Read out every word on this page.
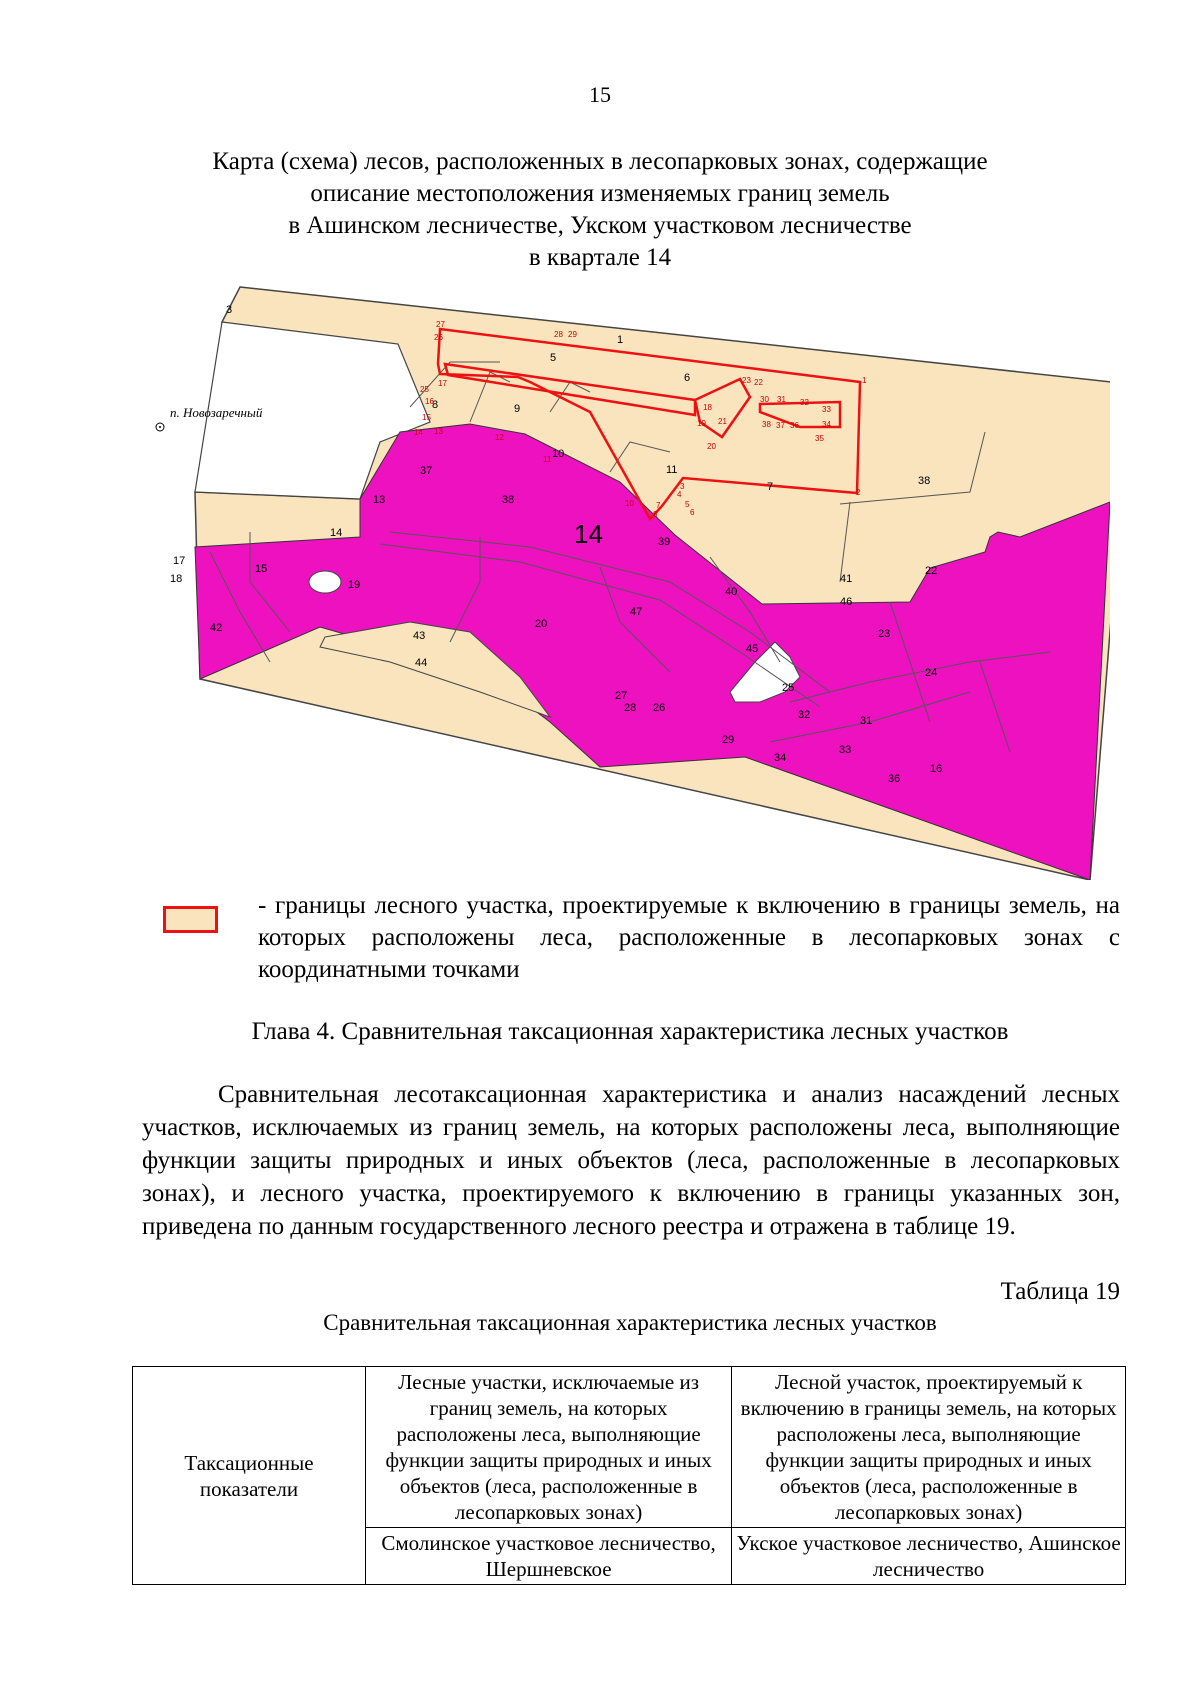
15
Карта (схема) лесов, расположенных в лесопарковых зонах, содержащие
описание местоположения изменяемых границ земель
в Ашинском лесничестве, Укском участковом лесничестве
в квартале 14
3
1
5
6
8	9
10
11
7	38
37
38
13
14
17
18
15
19
42
43
44
20
47
39
40
46
22
23
24
45
27
26
25
32	31
28
29
33
34
36
16
41
14
26
27
28 29
1
2
3
4
5
6
7
8
25
17
16
15
14 13
12
11
10
23 22
18
19
20
21
30 31 32
33
34
35
36
37
38
п. Новозаречный
- границы лесного участка, проектируемые к включению в границы земель, на которых расположены леса, расположенные в лесопарковых зонах с координатными точками
Глава 4. Сравнительная таксационная характеристика лесных участков
Сравнительная лесотаксационная характеристика и анализ насаждений лесных участков, исключаемых из границ земель, на которых расположены леса, выполняющие функции защиты природных и иных объектов (леса, расположенные в лесопарковых зонах), и лесного участка, проектируемого к включению в границы указанных зон, приведена по данным государственного лесного реестра и отражена в таблице 19.
Таблица 19
Сравнительная таксационная характеристика лесных участков
Таксационные показатели	Лесные участки, исключаемые из границ земель, на которых расположены леса, выполняющие функции защиты природных и иных объектов (леса, расположенные в лесопарковых зонах)	Лесной участок, проектируемый к включению в границы земель, на которых расположены леса, выполняющие функции защиты природных и иных объектов (леса, расположенные в лесопарковых зонах)
	Смолинское участковое лесничество, Шершневское	Укское участковое лесничество, Ашинское лесничество
